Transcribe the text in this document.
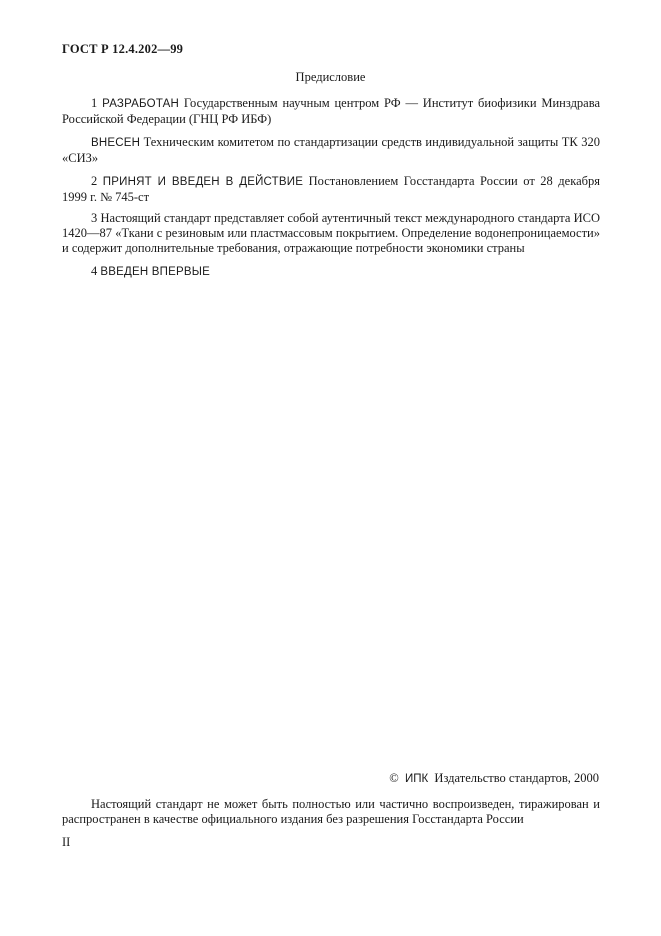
ГОСТ Р 12.4.202—99
Предисловие

1 РАЗРАБОТАН Государственным научным центром РФ — Институт биофизики Минздрава Российской Федерации (ГНЦ РФ ИБФ)

ВНЕСЕН Техническим комитетом по стандартизации средств индивидуальной защиты ТК 320 «СИЗ»

2 ПРИНЯТ И ВВЕДЕН В ДЕЙСТВИЕ Постановлением Госстандарта России от 28 декабря 1999 г. № 745-ст

3 Настоящий стандарт представляет собой аутентичный текст международного стандарта ИСО 1420—87 «Ткани с резиновым или пластмассовым покрытием. Определение водонепроницаемости» и содержит дополнительные требования, отражающие потребности экономики страны

4 ВВЕДЕН ВПЕРВЫЕ

© ИПК Издательство стандартов, 2000

Настоящий стандарт не может быть полностью или частично воспроизведен, тиражирован и распространен в качестве официального издания без разрешения Госстандарта России

II
